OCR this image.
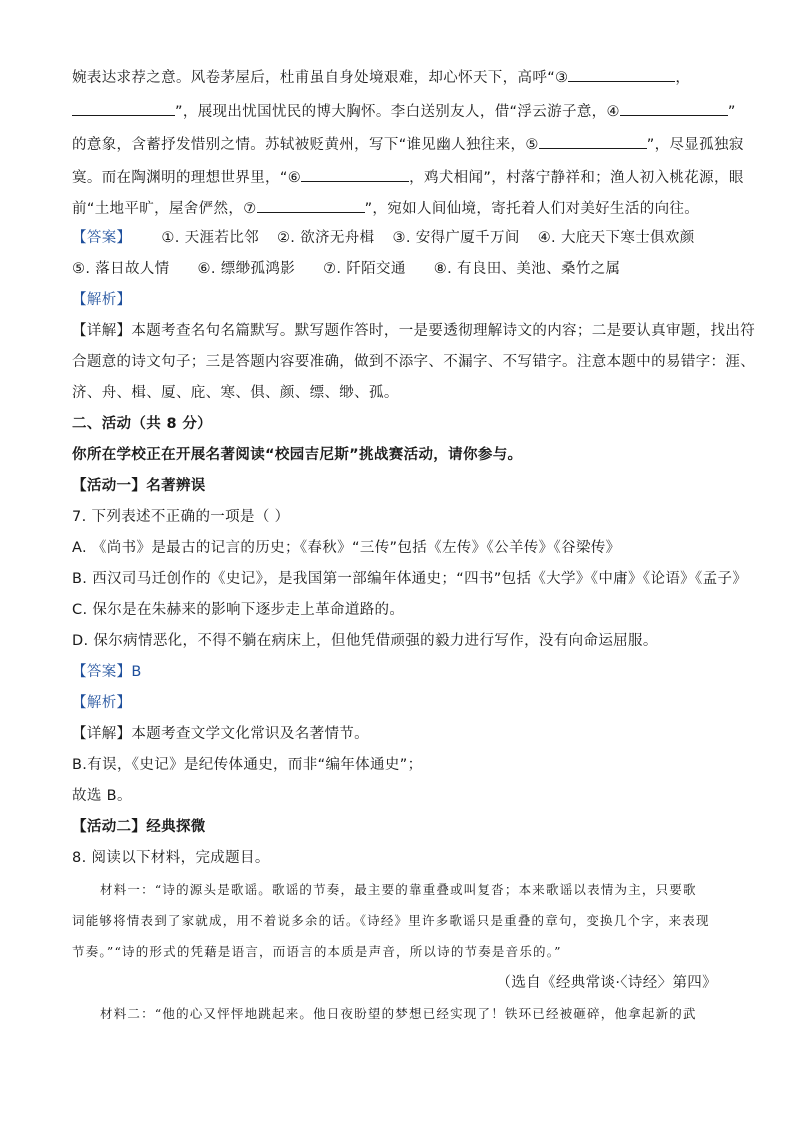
婉表达求荐之意。风卷茅屋后，杜甫虽自身处境艰难，却心怀天下，高呼“③	，
”，展现出忧国忧民的博大胸怀。李白送别友人，借“浮云游子意，④	”
的意象，含蓄抒发惜别之情。苏轼被贬黄州，写下“谁见幽人独往来，⑤	”，尽显孤独寂
寞。而在陶渊明的理想世界里，“⑥	，鸡犬相闻”，村落宁静祥和；渔人初入桃花源，眼
前“土地平旷，屋舍俨然，⑦	”，宛如人间仙境，寄托着人们对美好生活的向往。
【答案】 ①. 天涯若比邻 ②. 欲济无舟楫 ③. 安得广厦千万间 ④. 大庇天下寒士俱欢颜
⑤. 落日故人情 ⑥. 缥缈孤鸿影 ⑦. 阡陌交通 ⑧. 有良田、美池、桑竹之属
【解析】
【详解】本题考查名句名篇默写。默写题作答时，一是要透彻理解诗文的内容；二是要认真审题，找出符
合题意的诗文句子；三是答题内容要准确，做到不添字、不漏字、不写错字。注意本题中的易错字：涯、
济、舟、楫、厦、庇、寒、俱、颜、缥、缈、孤。
二、活动（共 8 分）
你所在学校正在开展名著阅读“校园吉尼斯”挑战赛活动，请你参与。
【活动一】名著辨误
7. 下列表述不正确的一项是（ ）
A. 《尚书》是最古的记言的历史；《春秋》“三传”包括《左传》《公羊传》《谷梁传》
B. 西汉司马迁创作的《史记》，是我国第一部编年体通史；“四书”包括《大学》《中庸》《论语》《孟子》
C. 保尔是在朱赫来的影响下逐步走上革命道路的。
D. 保尔病情恶化，不得不躺在病床上，但他凭借顽强的毅力进行写作，没有向命运屈服。
【答案】B
【解析】
【详解】本题考查文学文化常识及名著情节。
B.有误，《史记》是纪传体通史，而非“编年体通史”；
故选 B。
【活动二】经典探微
8. 阅读以下材料，完成题目。
材料一：“诗的源头是歌谣。歌谣的节奏，最主要的靠重叠或叫复沓；本来歌谣以表情为主，只要歌
词能够将情表到了家就成，用不着说多余的话。《诗经》里许多歌谣只是重叠的章句，变换几个字，来表现
节奏。”“诗的形式的凭藉是语言，而语言的本质是声音，所以诗的节奏是音乐的。”
（选自《经典常谈·〈诗经〉第四》
材料二：“他的心又怦怦地跳起来。他日夜盼望的梦想已经实现了！铁环已经被砸碎，他拿起新的武
